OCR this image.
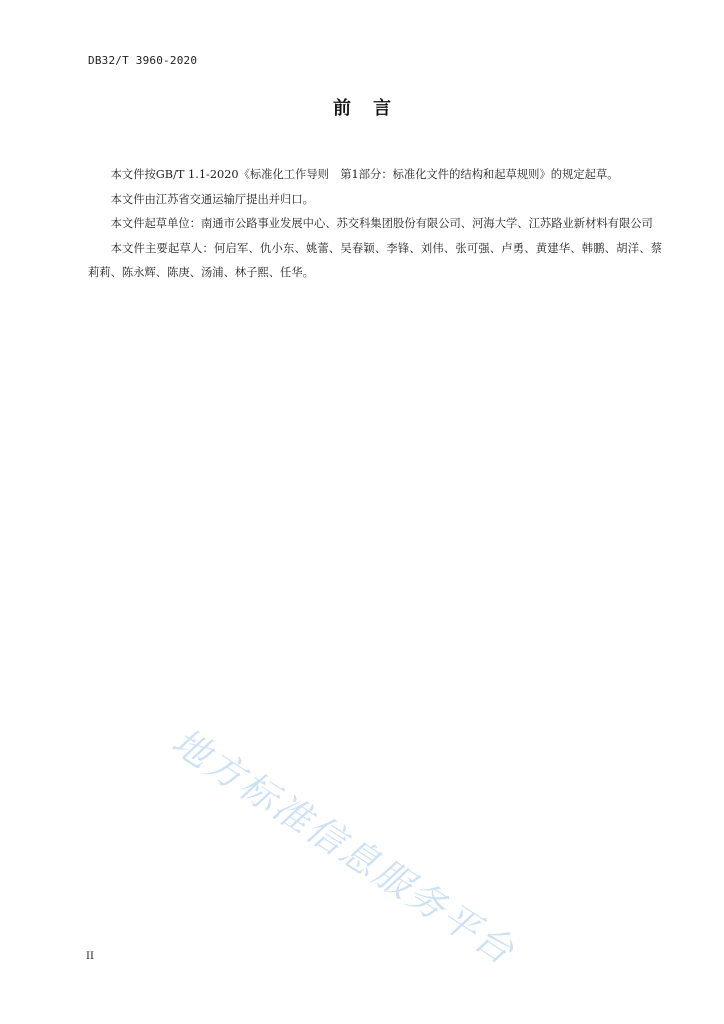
DB32/T 3960-2020
前言

本文件按GB/T 1.1-2020《标准化工作导则　第1部分：标准化文件的结构和起草规则》的规定起草。

本文件由江苏省交通运输厅提出并归口。

本文件起草单位：南通市公路事业发展中心、苏交科集团股份有限公司、河海大学、江苏路业新材料有限公司

本文件主要起草人：何启军、仇小东、姚蕾、吴春颖、李锋、刘伟、张可强、卢勇、黄建华、韩鹏、胡洋、蔡莉莉、陈永辉、陈庚、汤浦、林子熙、任华。

地方标准信息服务平台
II
